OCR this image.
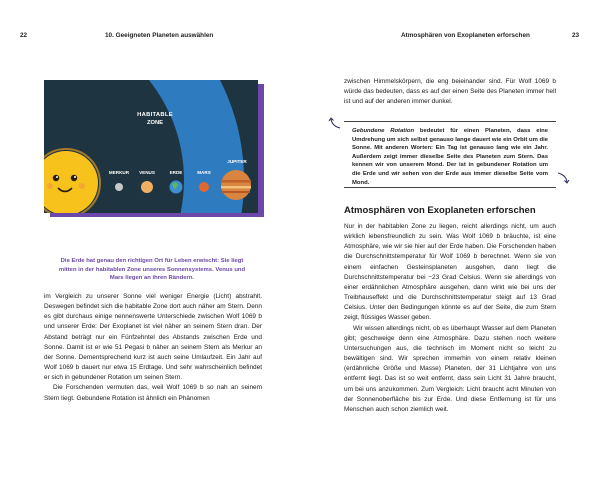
22	10. Geeigneten Planeten auswählen	Atmosphären von Exoplaneten erforschen	23
HABITABLE
ZONE
MERKUR	VENUS	ERDE	MARS
JUPITER
Die Erde hat genau den richtigen Ort für Leben erwischt: Sie liegt mitten in der habitablen Zone unseres Sonnensystems. Venus und Mars liegen an ihren Rändern.

im Vergleich zu unserer Sonne viel weniger Energie (Licht) abstrahlt. Deswegen befindet sich die habitable Zone dort auch näher am Stern. Denn es gibt durchaus einige nennenswerte Unterschiede zwischen Wolf 1069 b und unserer Erde: Der Exoplanet ist viel näher an seinem Stern dran. Der Abstand beträgt nur ein Fünfzehntel des Abstands zwischen Erde und Sonne. Damit ist er wie 51 Pegasi b näher an seinem Stern als Merkur an der Sonne. Dementsprechend kurz ist auch seine Umlaufzeit. Ein Jahr auf Wolf 1069 b dauert nur etwa 15 Erdtage. Und sehr wahrscheinlich befindet er sich in gebundener Rotation um seinen Stern.

Die Forschenden vermuten das, weil Wolf 1069 b so nah an seinem Stern liegt. Gebundene Rotation ist ähnlich ein Phänomen

zwischen Himmelskörpern, die eng beieinander sind. Für Wolf 1069 b würde das bedeuten, dass es auf der einen Seite des Planeten immer hell ist und auf der anderen immer dunkel.
Gebundene Rotation bedeutet für einen Planeten, dass eine Umdrehung um sich selbst genauso lange dauert wie ein Orbit um die Sonne. Mit anderen Worten: Ein Tag ist genauso lang wie ein Jahr. Außerdem zeigt immer dieselbe Seite des Planeten zum Stern. Das kennen wir von unserem Mond. Der ist in gebundener Rotation um die Erde und wir sehen von der Erde aus immer dieselbe Seite vom Mond.
Atmosphären von Exoplaneten erforschen

Nur in der habitablen Zone zu liegen, reicht allerdings nicht, um auch wirklich lebensfreundlich zu sein. Was Wolf 1069 b bräuchte, ist eine Atmosphäre, wie wir sie hier auf der Erde haben. Die Forschenden haben die Durchschnittstemperatur für Wolf 1069 b berechnet. Wenn sie von einem einfachen Gesteinsplaneten ausgehen, dann liegt die Durchschnittstemperatur bei −23 Grad Celsius. Wenn sie allerdings von einer erdähnlichen Atmosphäre ausgehen, dann wirkt wie bei uns der Treibhauseffekt und die Durchschnittstemperatur steigt auf 13 Grad Celsius. Unter den Bedingungen könnte es auf der Seite, die zum Stern zeigt, flüssiges Wasser geben.

Wir wissen allerdings nicht, ob es überhaupt Wasser auf dem Planeten gibt; geschweige denn eine Atmosphäre. Dazu stehen noch weitere Untersuchungen aus, die technisch im Moment nicht so leicht zu bewältigen sind. Wir sprechen immerhin von einem relativ kleinen (erdähnliche Größe und Masse) Planeten, der 31 Lichtjahre von uns entfernt liegt. Das ist so weit entfernt, dass sein Licht 31 Jahre braucht, um bei uns anzukommen. Zum Vergleich: Licht braucht acht Minuten von der Sonnenoberfläche bis zur Erde. Und diese Entfernung ist für uns Menschen auch schon ziemlich weit.
